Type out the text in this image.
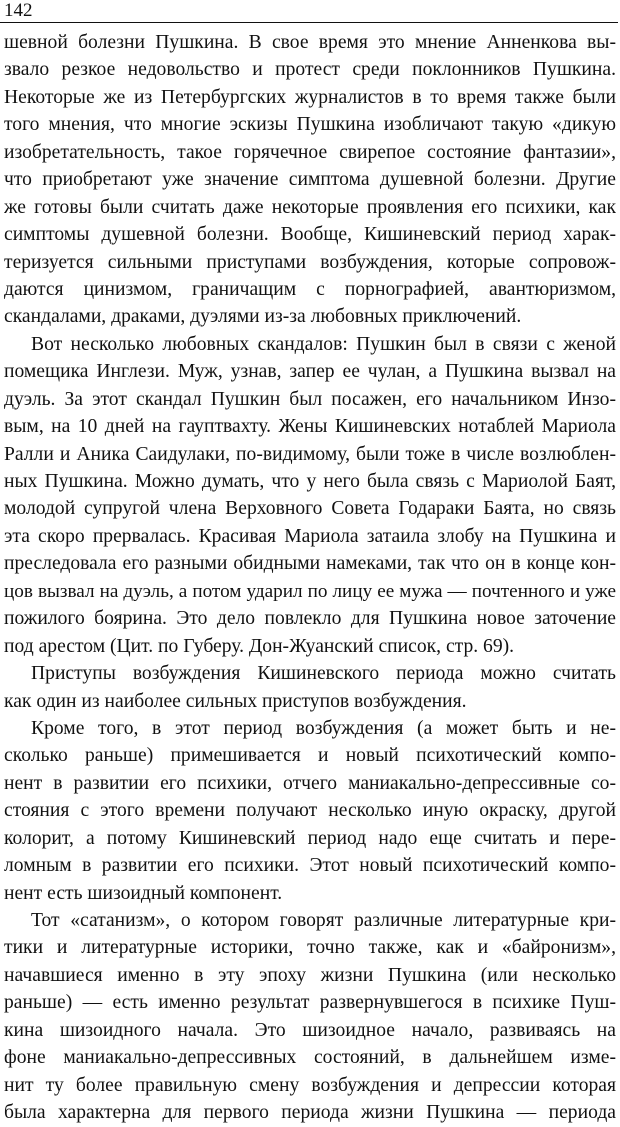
142
шевной болезни Пушкина. В свое время это мнение Анненкова вы-
звало резкое недовольство и протест среди поклонников Пушкина.
Некоторые же из Петербургских журналистов в то время также были
того мнения, что многие эскизы Пушкина изобличают такую «дикую
изобретательность, такое горячечное свирепое состояние фантазии»,
что приобретают уже значение симптома душевной болезни. Другие
же готовы были считать даже некоторые проявления его психики, как
симптомы душевной болезни. Вообще, Кишиневский период харак-
теризуется сильными приступами возбуждения, которые сопровож-
даются цинизмом, граничащим с порнографией, авантюризмом,
скандалами, драками, дуэлями из-за любовных приключений.
Вот несколько любовных скандалов: Пушкин был в связи с женой
помещика Инглези. Муж, узнав, запер ее чулан, а Пушкина вызвал на
дуэль. За этот скандал Пушкин был посажен, его начальником Инзо-
вым, на 10 дней на гауптвахту. Жены Кишиневских нотаблей Мариола
Ралли и Аника Саидулаки, по-видимому, были тоже в числе возлюблен-
ных Пушкина. Можно думать, что у него была связь с Мариолой Баят,
молодой супругой члена Верховного Совета Годараки Баята, но связь
эта скоро прервалась. Красивая Мариола затаила злобу на Пушкина и
преследовала его разными обидными намеками, так что он в конце кон-
цов вызвал на дуэль, а потом ударил по лицу ее мужа — почтенного и уже
пожилого боярина. Это дело повлекло для Пушкина новое заточение
под арестом (Цит. по Губеру. Дон-Жуанский список, стр. 69).
Приступы возбуждения Кишиневского периода можно считать
как один из наиболее сильных приступов возбуждения.
Кроме того, в этот период возбуждения (а может быть и не-
сколько раньше) примешивается и новый психотический компо-
нент в развитии его психики, отчего маниакально-депрессивные со-
стояния с этого времени получают несколько иную окраску, другой
колорит, а потому Кишиневский период надо еще считать и пере-
ломным в развитии его психики. Этот новый психотический компо-
нент есть шизоидный компонент.
Тот «сатанизм», о котором говорят различные литературные кри-
тики и литературные историки, точно также, как и «байронизм»,
начавшиеся именно в эту эпоху жизни Пушкина (или несколько
раньше) — есть именно результат развернувшегося в психике Пуш-
кина шизоидного начала. Это шизоидное начало, развиваясь на
фоне маниакально-депрессивных состояний, в дальнейшем изме-
нит ту более правильную смену возбуждения и депрессии которая
была характерна для первого периода жизни Пушкина — периода
